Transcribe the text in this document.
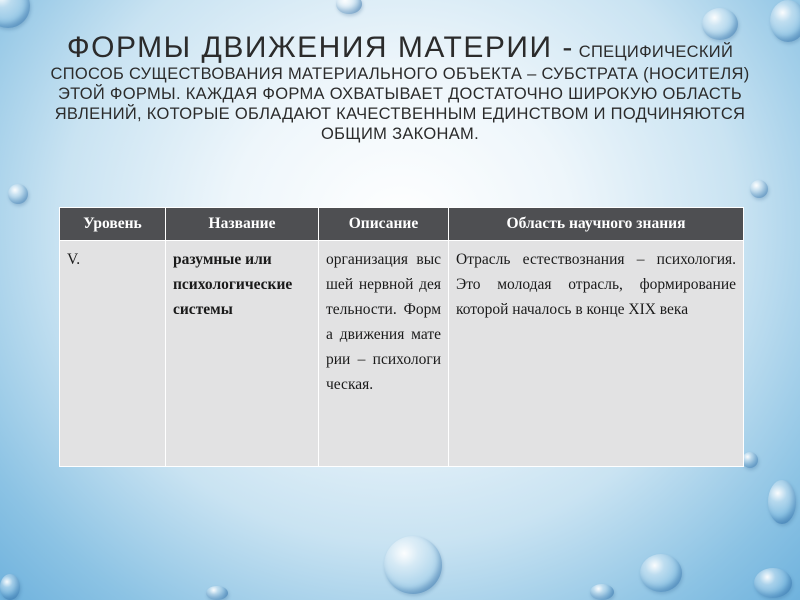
ФОРМЫ ДВИЖЕНИЯ МАТЕРИИ - СПЕЦИФИЧЕСКИЙ СПОСОБ СУЩЕСТВОВАНИЯ МАТЕРИАЛЬНОГО ОБЪЕКТА – СУБСТРАТА (НОСИТЕЛЯ) ЭТОЙ ФОРМЫ. КАЖДАЯ ФОРМА ОХВАТЫВАЕТ ДОСТАТОЧНО ШИРОКУЮ ОБЛАСТЬ ЯВЛЕНИЙ, КОТОРЫЕ ОБЛАДАЮТ КАЧЕСТВЕННЫМ ЕДИНСТВОМ И ПОДЧИНЯЮТСЯ ОБЩИМ ЗАКОНАМ.
Уровень	Название	Описание	Область научного знания
V.	разумные или психологические системы	организация высшей нервной деятельности. Форма движения материи – психологическая.	Отрасль естествознания – психология. Это молодая отрасль, формирование которой началось в конце XIX века
